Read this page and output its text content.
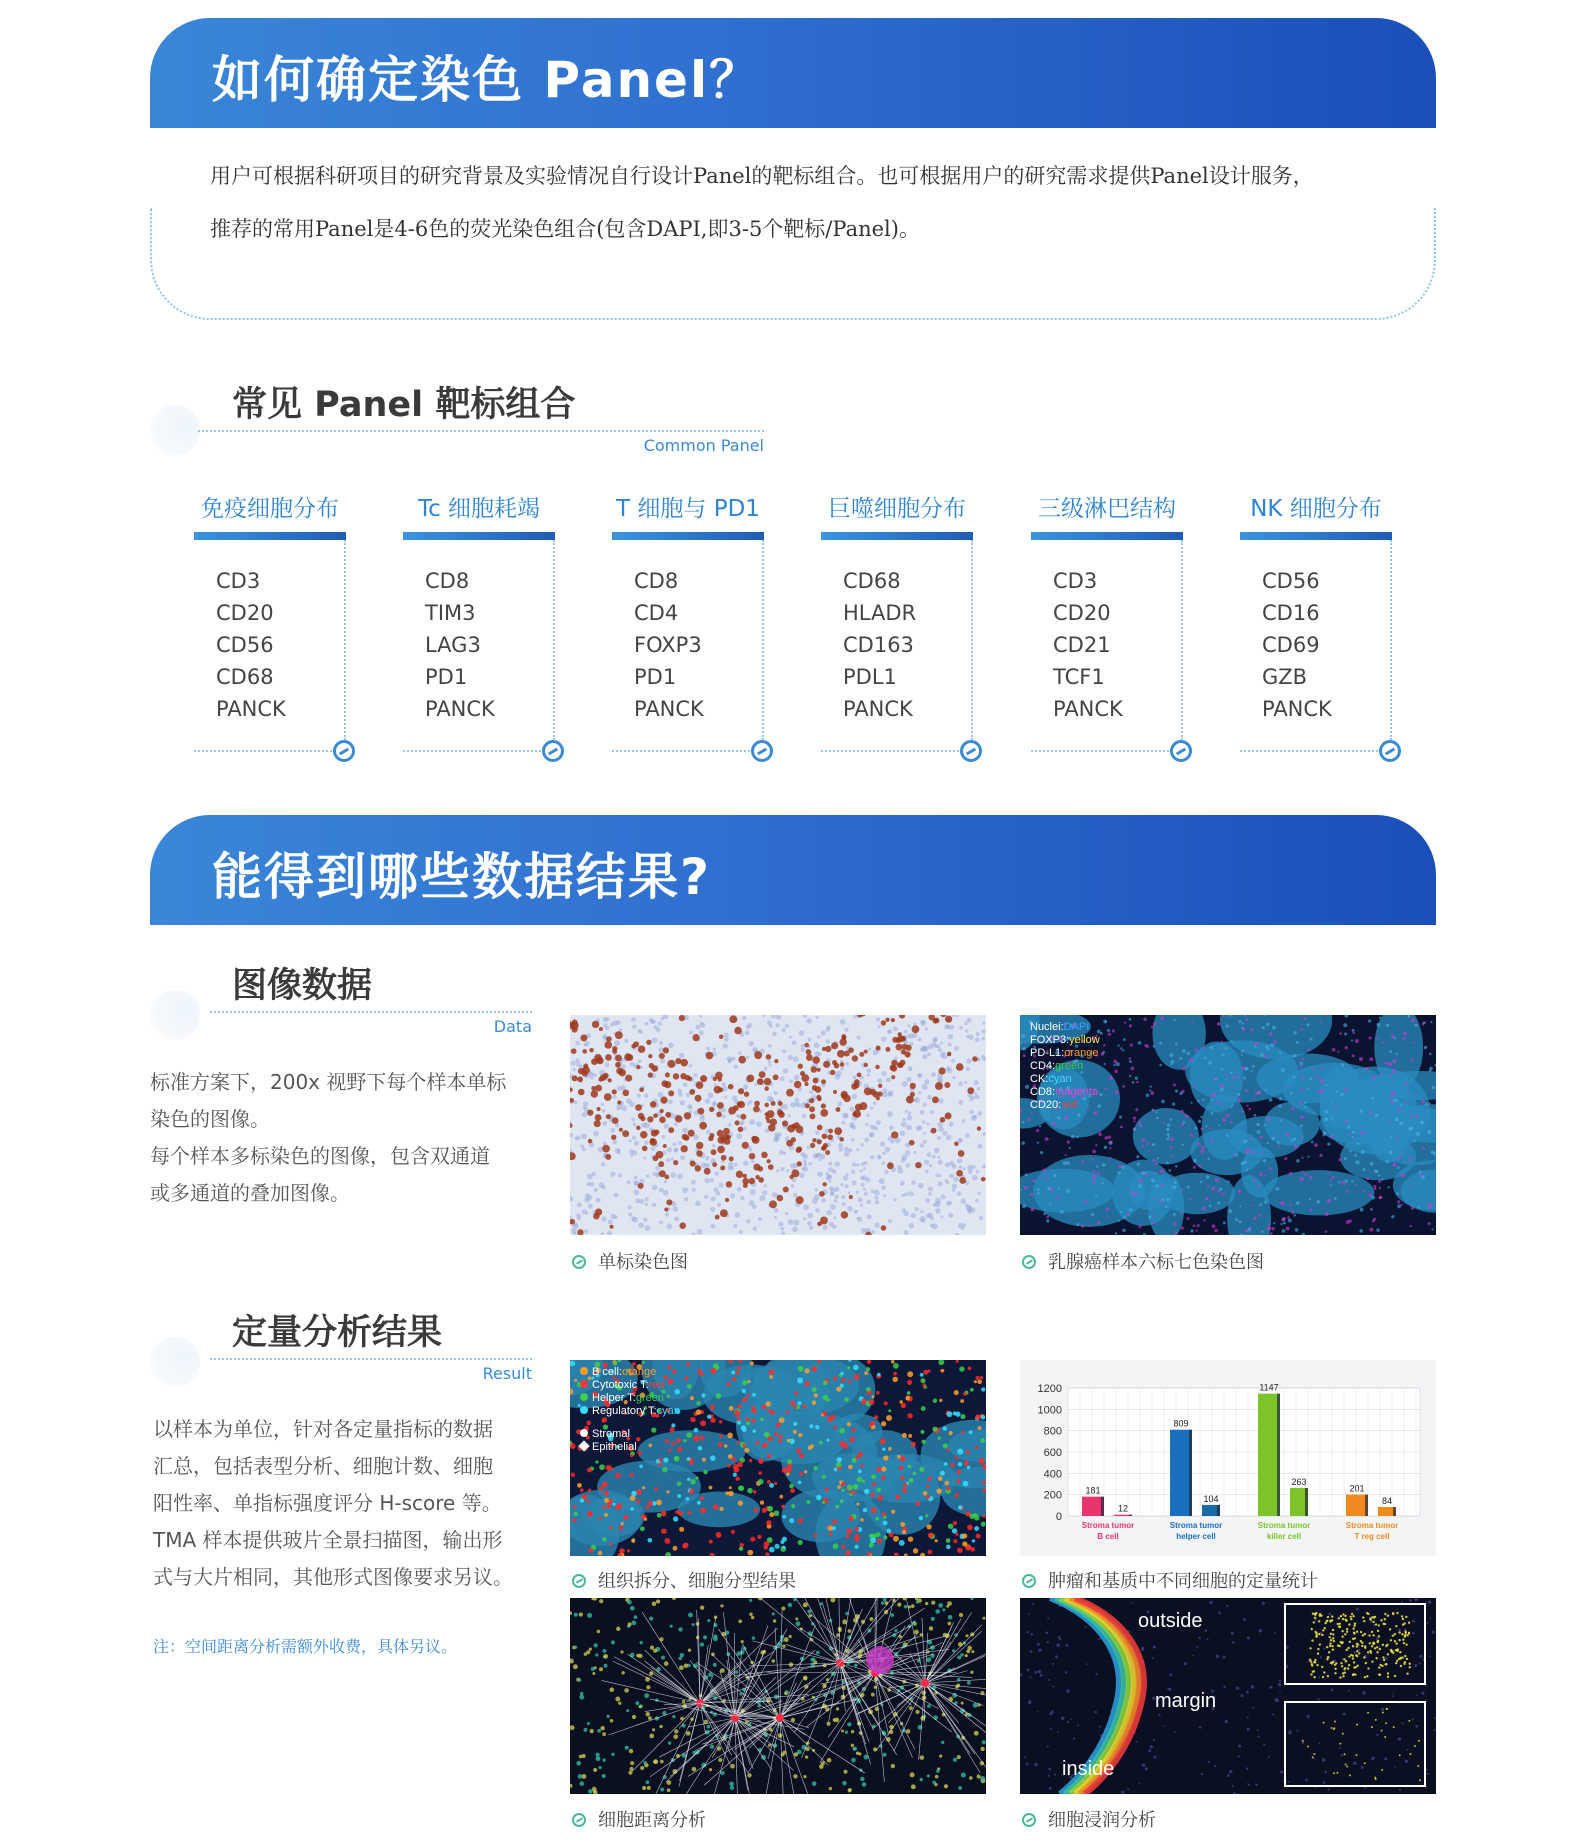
如何确定染色 Panel？
用户可根据科研项目的研究背景及实验情况自行设计Panel的靶标组合。也可根据用户的研究需求提供Panel设计服务，
推荐的常用Panel是4-6色的荧光染色组合(包含DAPI,即3-5个靶标/Panel)。
常见 Panel 靶标组合
Common Panel
免疫细胞分布
CD3
CD20
CD56
CD68
PANCK
Tc 细胞耗竭
CD8
TIM3
LAG3
PD1
PANCK
T 细胞与 PD1
CD8
CD4
FOXP3
PD1
PANCK
巨噬细胞分布
CD68
HLADR
CD163
PDL1
PANCK
三级淋巴结构
CD3
CD20
CD21
TCF1
PANCK
NK 细胞分布
CD56
CD16
CD69
GZB
PANCK
能得到哪些数据结果?
图像数据
Data
标准方案下，200x 视野下每个样本单标
染色的图像。
每个样本多标染色的图像，包含双通道
或多通道的叠加图像。
单标染色图
Nuclei:DAPI
FOXP3:yellow
PD-L1:orange
CD4:green
CK:cyan
CD8:magenta
CD20:red
乳腺癌样本六标七色染色图
定量分析结果
Result
以样本为单位，针对各定量指标的数据
汇总，包括表型分析、细胞计数、细胞
阳性率、单指标强度评分 H-score 等。
TMA 样本提供玻片全景扫描图，输出形
式与大片相同，其他形式图像要求另议。
注：空间距离分析需额外收费，具体另议。
B cell:orange
Cytotoxic T:red
Helper T:green
Regulatory T:cyan
Stromal
Epithelial
组织拆分、细胞分型结果
0
200
400
600
800
1000
1200
181
12
Stroma tumor
B cell
809
104
Stroma tumor
helper cell
1147
263
Stroma tumor
killer cell
201
84
Stroma tumor
T reg cell
肿瘤和基质中不同细胞的定量统计
细胞距离分析
outside
margin
inside
细胞浸润分析
